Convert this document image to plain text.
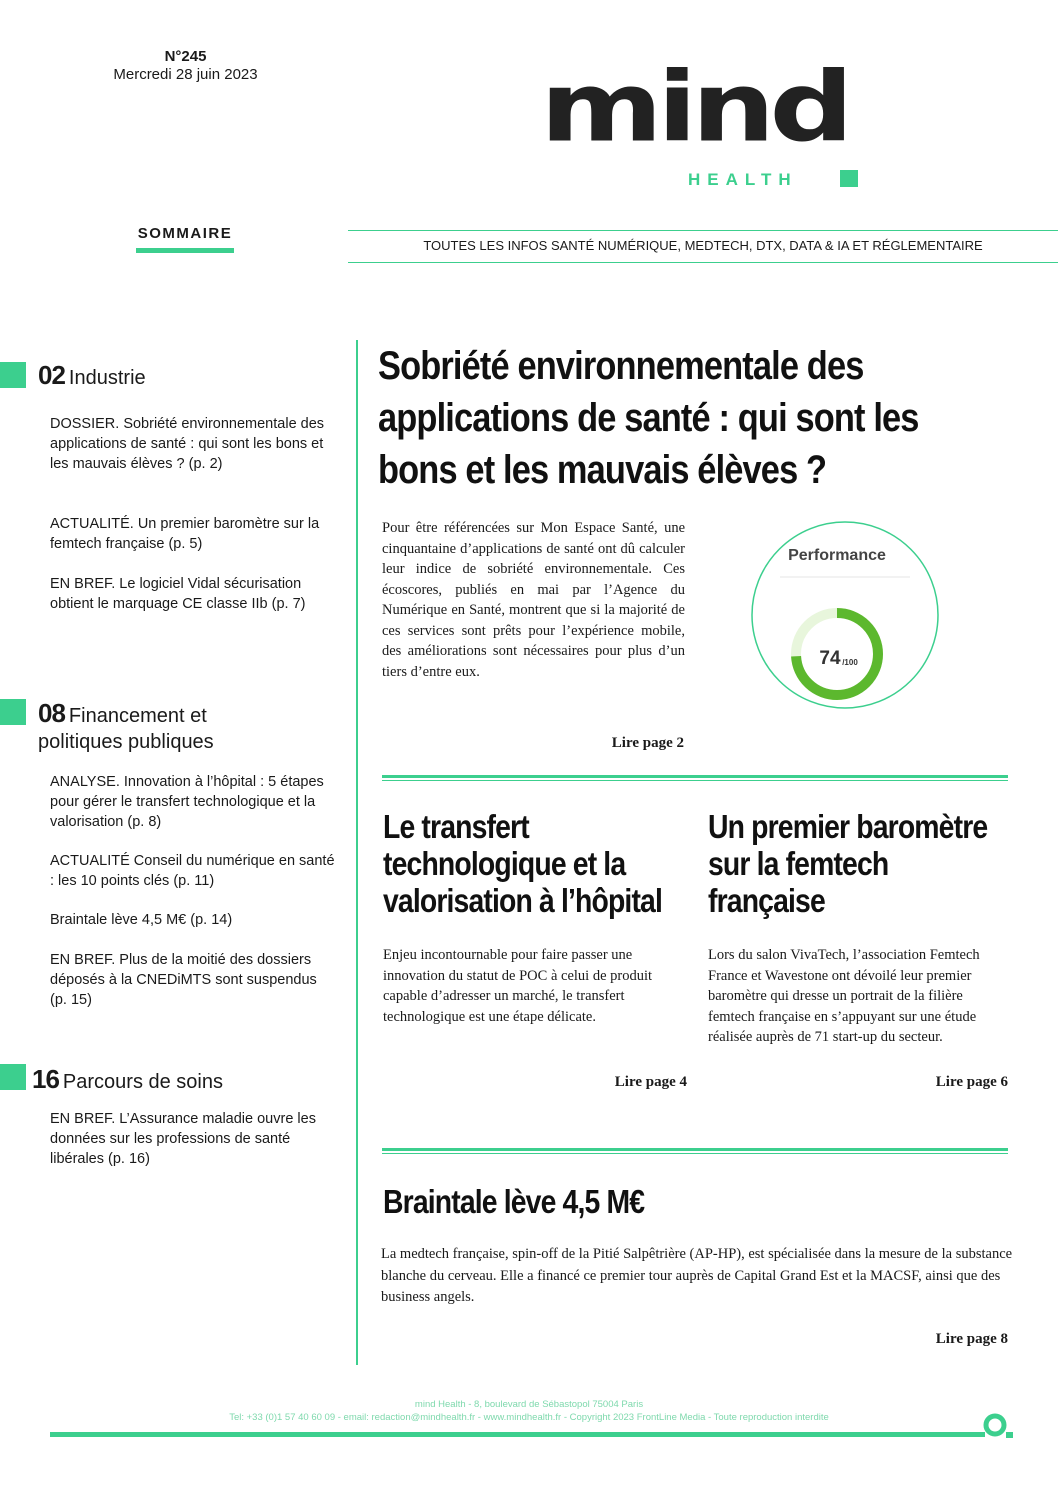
N°245
Mercredi 28 juin 2023 mind
HEALTH
SOMMAIRE
TOUTES LES INFOS SANTÉ NUMÉRIQUE, MEDTECH, DTX, DATA & IA ET RÉGLEMENTAIRE
02 Industrie
DOSSIER. Sobriété environnementale des applications de santé : qui sont les bons et les mauvais élèves ? (p. 2)
ACTUALITÉ. Un premier baromètre sur la femtech française (p. 5)
EN BREF. Le logiciel Vidal sécurisation obtient le marquage CE classe IIb (p. 7)
08 Financement et
politiques publiques
ANALYSE. Innovation à l’hôpital : 5 étapes pour gérer le transfert technologique et la valorisation (p. 8)
ACTUALITÉ Conseil du numérique en santé : les 10 points clés (p. 11)
Braintale lève 4,5 M€ (p. 14)
EN BREF. Plus de la moitié des dossiers déposés à la CNEDiMTS sont suspendus (p. 15)
16 Parcours de soins
EN BREF. L’Assurance maladie ouvre les données sur les professions de santé libérales (p. 16)
Sobriété environnementale des
applications de santé : qui sont les
bons et les mauvais élèves ?
Pour être référencées sur Mon Espace Santé, une cinquantaine d’applications de santé ont dû calculer leur indice de sobriété environnementale. Ces écoscores, publiés en mai par l’Agence du Numérique en Santé, montrent que si la majorité de ces services sont prêts pour l’expérience mobile, des améliorations sont nécessaires pour plus d’un tiers d’entre eux.
Lire page 2
Performance
74 /100
Le transfert
technologique et la
valorisation à l’hôpital
Enjeu incontournable pour faire passer une innovation du statut de POC à celui de produit capable d’adresser un marché, le transfert technologique est une étape délicate.
Lire page 4
Un premier baromètre
sur la femtech
française
Lors du salon VivaTech, l’association Femtech France et Wavestone ont dévoilé leur premier baromètre qui dresse un portrait de la filière femtech française en s’appuyant sur une étude réalisée auprès de 71 start-up du secteur.
Lire page 6
Braintale lève 4,5 M€
La medtech française, spin-off de la Pitié Salpêtrière (AP-HP), est spécialisée dans la mesure de la substance blanche du cerveau. Elle a financé ce premier tour auprès de Capital Grand Est et la MACSF, ainsi que des business angels.
Lire page 8
mind Health - 8, boulevard de Sébastopol 75004 Paris
Tel: +33 (0)1 57 40 60 09 - email: redaction@mindhealth.fr - www.mindhealth.fr - Copyright 2023 FrontLine Media - Toute reproduction interdite
